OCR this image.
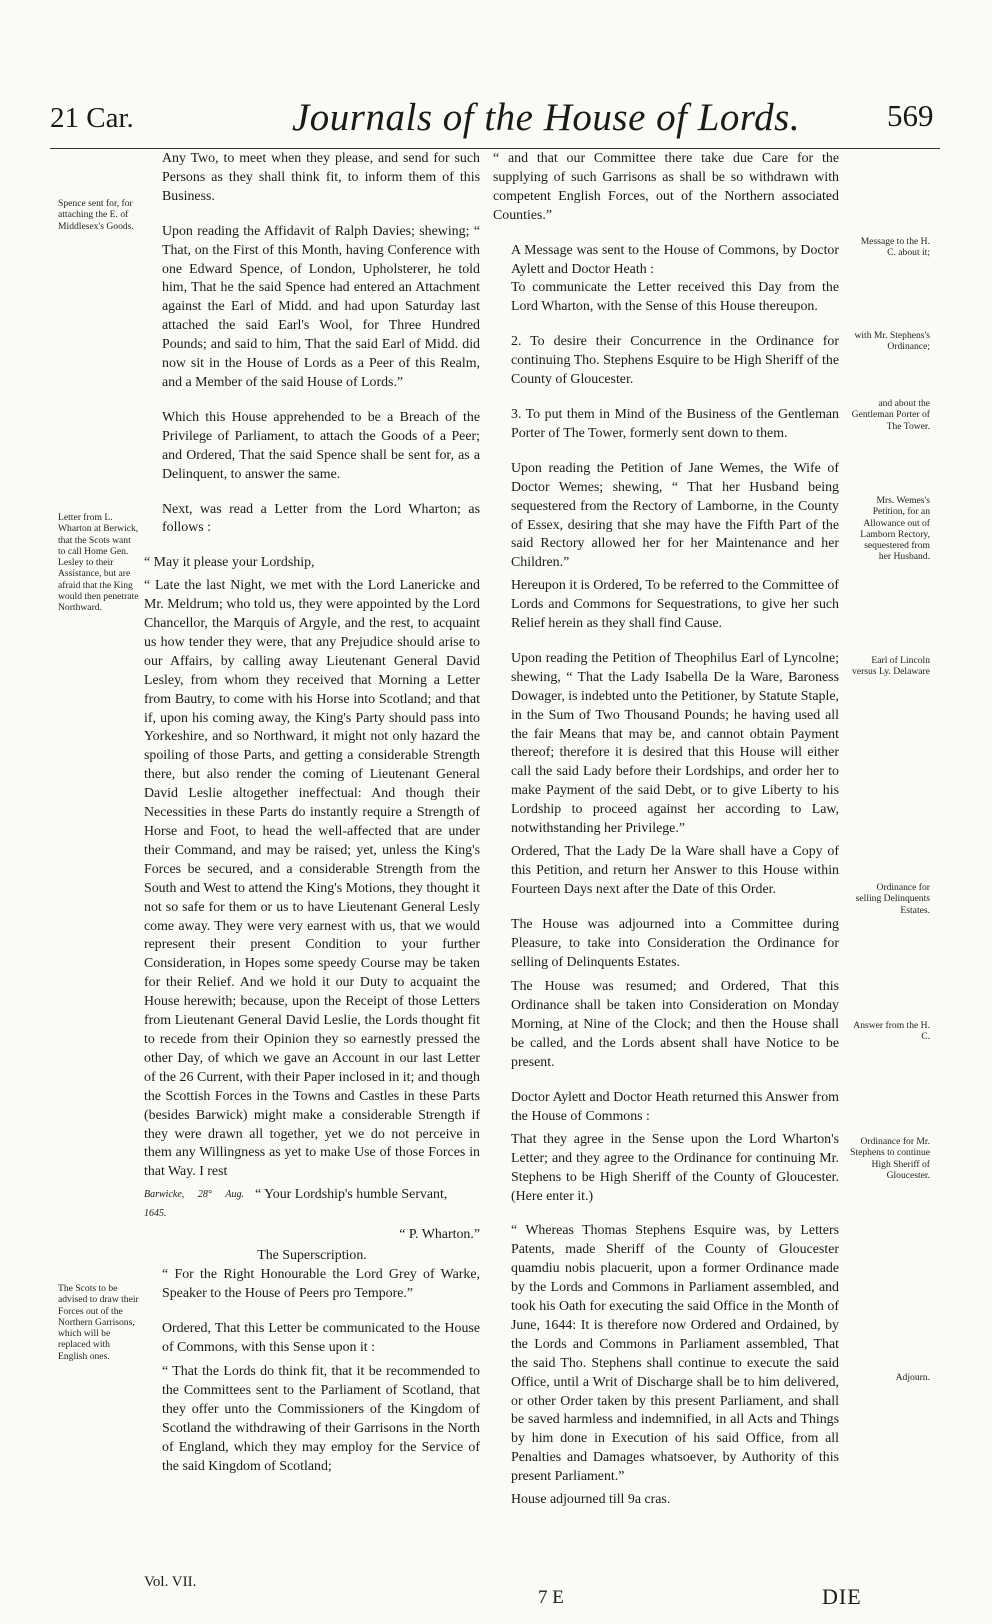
21 Car.	Journals of the House of Lords.	569
Spence sent for, for attaching the E. of Middlesex's Goods.
Letter from L. Wharton at Berwick, that the Scots want to call Home Gen. Lesley to their Assistance, but are afraid that the King would then penetrate Northward.
The Scots to be advised to draw their Forces out of the Northern Garrisons, which will be replaced with English ones.
Message to the H. C. about it;
with Mr. Stephens's Ordinance;
and about the Gentleman Porter of The Tower.
Mrs. Wemes's Petition, for an Allowance out of Lamborn Rectory, sequestered from her Husband.
Earl of Lincoln versus Ly. Delaware
Ordinance for selling Delinquents Estates.
Answer from the H. C.
Ordinance for Mr. Stephens to continue High Sheriff of Gloucester.
Adjourn.

Any Two, to meet when they please, and send for such Persons as they shall think fit, to inform them of this Business.

Upon reading the Affidavit of Ralph Davies; shewing; “ That, on the First of this Month, having Conference with one Edward Spence, of London, Upholsterer, he told him, That he the said Spence had entered an Attachment against the Earl of Midd. and had upon Saturday last attached the said Earl's Wool, for Three Hundred Pounds; and said to him, That the said Earl of Midd. did now sit in the House of Lords as a Peer of this Realm, and a Member of the said House of Lords.”

Which this House apprehended to be a Breach of the Privilege of Parliament, to attach the Goods of a Peer; and Ordered, That the said Spence shall be sent for, as a Delinquent, to answer the same.

Next, was read a Letter from the Lord Wharton; as follows :

“ May it please your Lordship,

“ Late the last Night, we met with the Lord Lanericke and Mr. Meldrum; who told us, they were appointed by the Lord Chancellor, the Marquis of Argyle, and the rest, to acquaint us how tender they were, that any Prejudice should arise to our Affairs, by calling away Lieutenant General David Lesley, from whom they received that Morning a Letter from Bautry, to come with his Horse into Scotland; and that if, upon his coming away, the King's Party should pass into Yorkeshire, and so Northward, it might not only hazard the spoiling of those Parts, and getting a considerable Strength there, but also render the coming of Lieutenant General David Leslie altogether ineffectual: And though their Necessities in these Parts do instantly require a Strength of Horse and Foot, to head the well-affected that are under their Command, and may be raised; yet, unless the King's Forces be secured, and a considerable Strength from the South and West to attend the King's Motions, they thought it not so safe for them or us to have Lieutenant General Lesly come away. They were very earnest with us, that we would represent their present Condition to your further Consideration, in Hopes some speedy Course may be taken for their Relief. And we hold it our Duty to acquaint the House herewith; because, upon the Receipt of those Letters from Lieutenant General David Leslie, the Lords thought fit to recede from their Opinion they so earnestly pressed the other Day, of which we gave an Account in our last Letter of the 26 Current, with their Paper inclosed in it; and though the Scottish Forces in the Towns and Castles in these Parts (besides Barwick) might make a considerable Strength if they were drawn all together, yet we do not perceive in them any Willingness as yet to make Use of those Forces in that Way. I rest

Barwicke, 28° Aug. 1645.
“ Your Lordship's humble Servant,

“ P. Wharton.”

The Superscription.

“ For the Right Honourable the Lord Grey of Warke, Speaker to the House of Peers pro Tempore.”

Ordered, That this Letter be communicated to the House of Commons, with this Sense upon it :

“ That the Lords do think fit, that it be recommended to the Committees sent to the Parliament of Scotland, that they offer unto the Commissioners of the Kingdom of Scotland the withdrawing of their Garrisons in the North of England, which they may employ for the Service of the said Kingdom of Scotland;

“ and that our Committee there take due Care for the supplying of such Garrisons as shall be so withdrawn with competent English Forces, out of the Northern associated Counties.”

A Message was sent to the House of Commons, by Doctor Aylett and Doctor Heath :

To communicate the Letter received this Day from the Lord Wharton, with the Sense of this House thereupon.

2. To desire their Concurrence in the Ordinance for continuing Tho. Stephens Esquire to be High Sheriff of the County of Gloucester.

3. To put them in Mind of the Business of the Gentleman Porter of The Tower, formerly sent down to them.

Upon reading the Petition of Jane Wemes, the Wife of Doctor Wemes; shewing, “ That her Husband being sequestered from the Rectory of Lamborne, in the County of Essex, desiring that she may have the Fifth Part of the said Rectory allowed her for her Maintenance and her Children.”

Hereupon it is Ordered, To be referred to the Committee of Lords and Commons for Sequestrations, to give her such Relief herein as they shall find Cause.

Upon reading the Petition of Theophilus Earl of Lyncolne; shewing, “ That the Lady Isabella De la Ware, Baroness Dowager, is indebted unto the Petitioner, by Statute Staple, in the Sum of Two Thousand Pounds; he having used all the fair Means that may be, and cannot obtain Payment thereof; therefore it is desired that this House will either call the said Lady before their Lordships, and order her to make Payment of the said Debt, or to give Liberty to his Lordship to proceed against her according to Law, notwithstanding her Privilege.”

Ordered, That the Lady De la Ware shall have a Copy of this Petition, and return her Answer to this House within Fourteen Days next after the Date of this Order.

The House was adjourned into a Committee during Pleasure, to take into Consideration the Ordinance for selling of Delinquents Estates.

The House was resumed; and Ordered, That this Ordinance shall be taken into Consideration on Monday Morning, at Nine of the Clock; and then the House shall be called, and the Lords absent shall have Notice to be present.

Doctor Aylett and Doctor Heath returned this Answer from the House of Commons :

That they agree in the Sense upon the Lord Wharton's Letter; and they agree to the Ordinance for continuing Mr. Stephens to be High Sheriff of the County of Gloucester. (Here enter it.)

“ Whereas Thomas Stephens Esquire was, by Letters Patents, made Sheriff of the County of Gloucester quamdiu nobis placuerit, upon a former Ordinance made by the Lords and Commons in Parliament assembled, and took his Oath for executing the said Office in the Month of June, 1644: It is therefore now Ordered and Ordained, by the Lords and Commons in Parliament assembled, That the said Tho. Stephens shall continue to execute the said Office, until a Writ of Discharge shall be to him delivered, or other Order taken by this present Parliament, and shall be saved harmless and indemnified, in all Acts and Things by him done in Execution of his said Office, from all Penalties and Damages whatsoever, by Authority of this present Parliament.”

House adjourned till 9a cras.

Vol. VII.
7 E	DIE
